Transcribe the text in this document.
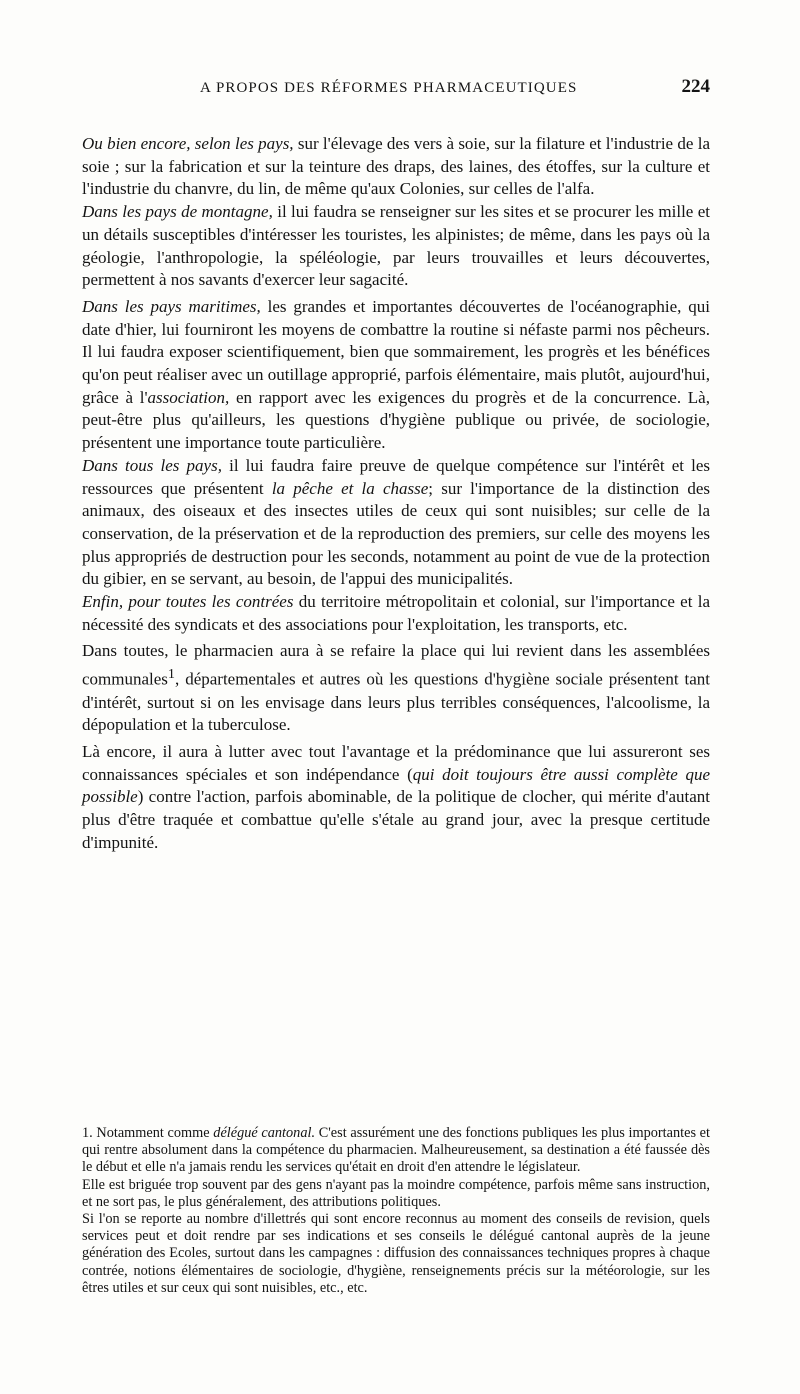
A PROPOS DES RÉFORMES PHARMACEUTIQUES	224

Ou bien encore, selon les pays, sur l'élevage des vers à soie, sur la filature et l'industrie de la soie ; sur la fabrication et sur la teinture des draps, des laines, des étoffes, sur la culture et l'industrie du chanvre, du lin, de même qu'aux Colonies, sur celles de l'alfa.

Dans les pays de montagne, il lui faudra se renseigner sur les sites et se procurer les mille et un détails susceptibles d'intéresser les touristes, les alpinistes; de même, dans les pays où la géologie, l'anthropologie, la spéléologie, par leurs trouvailles et leurs découvertes, permettent à nos savants d'exercer leur sagacité.

Dans les pays maritimes, les grandes et importantes découvertes de l'océanographie, qui date d'hier, lui fourniront les moyens de combattre la routine si néfaste parmi nos pêcheurs. Il lui faudra exposer scientifiquement, bien que sommairement, les progrès et les bénéfices qu'on peut réaliser avec un outillage approprié, parfois élémentaire, mais plutôt, aujourd'hui, grâce à l'association, en rapport avec les exigences du progrès et de la concurrence. Là, peut-être plus qu'ailleurs, les questions d'hygiène publique ou privée, de sociologie, présentent une importance toute particulière.

Dans tous les pays, il lui faudra faire preuve de quelque compétence sur l'intérêt et les ressources que présentent la pêche et la chasse; sur l'importance de la distinction des animaux, des oiseaux et des insectes utiles de ceux qui sont nuisibles; sur celle de la conservation, de la préservation et de la reproduction des premiers, sur celle des moyens les plus appropriés de destruction pour les seconds, notamment au point de vue de la protection du gibier, en se servant, au besoin, de l'appui des municipalités.

Enfin, pour toutes les contrées du territoire métropolitain et colonial, sur l'importance et la nécessité des syndicats et des associations pour l'exploitation, les transports, etc.

Dans toutes, le pharmacien aura à se refaire la place qui lui revient dans les assemblées communales$^1$, départementales et autres où les questions d'hygiène sociale présentent tant d'intérêt, surtout si on les envisage dans leurs plus terribles conséquences, l'alcoolisme, la dépopulation et la tuberculose.

Là encore, il aura à lutter avec tout l'avantage et la prédominance que lui assureront ses connaissances spéciales et son indépendance (qui doit toujours être aussi complète que possible) contre l'action, parfois abominable, de la politique de clocher, qui mérite d'autant plus d'être traquée et combattue qu'elle s'étale au grand jour, avec la presque certitude d'impunité.

1. Notamment comme délégué cantonal. C'est assurément une des fonctions publiques les plus importantes et qui rentre absolument dans la compétence du pharmacien. Malheureusement, sa destination a été faussée dès le début et elle n'a jamais rendu les services qu'était en droit d'en attendre le législateur.

Elle est briguée trop souvent par des gens n'ayant pas la moindre compétence, parfois même sans instruction, et ne sort pas, le plus généralement, des attributions politiques.

Si l'on se reporte au nombre d'illettrés qui sont encore reconnus au moment des conseils de revision, quels services peut et doit rendre par ses indications et ses conseils le délégué cantonal auprès de la jeune génération des Ecoles, surtout dans les campagnes : diffusion des connaissances techniques propres à chaque contrée, notions élémentaires de sociologie, d'hygiène, renseignements précis sur la météorologie, sur les êtres utiles et sur ceux qui sont nuisibles, etc., etc.
